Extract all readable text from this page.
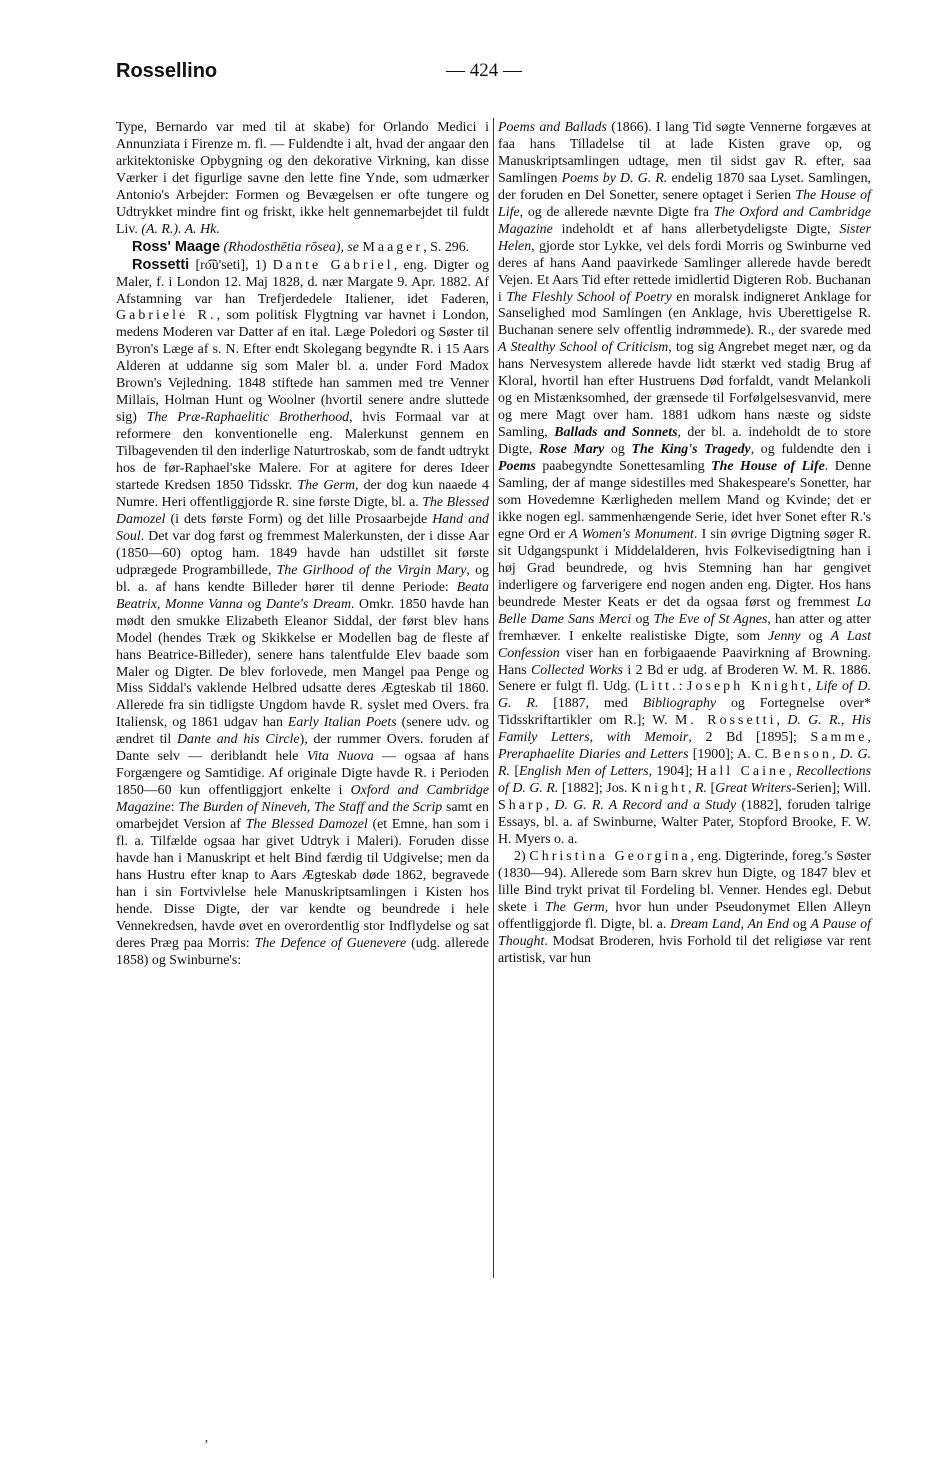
Rossellino	— 424 —

Type, Bernardo var med til at skabe) for Orlando Medici i Annunziata i Firenze m. fl. — Fuldendte i alt, hvad der angaar den arkitektoniske Opbygning og den dekorative Virkning, kan disse Værker i det figurlige savne den lette fine Ynde, som udmærker Antonio's Arbejder: Formen og Bevægelsen er ofte tungere og Udtrykket mindre fint og friskt, ikke helt gennemarbejdet til fuldt Liv. (A. R.). A. Hk.

Ross' Maage (Rhodosthētia rōsea), se Maager, S. 296.

Rossetti [ro͡u'seti], 1) Dante Gabriel, eng. Digter og Maler, f. i London 12. Maj 1828, d. nær Margate 9. Apr. 1882. Af Afstamning var han Trefjerdedele Italiener, idet Faderen, Gabriele R., som politisk Flygtning var havnet i London, medens Moderen var Datter af en ital. Læge Poledori og Søster til Byron's Læge af s. N. Efter endt Skolegang begyndte R. i 15 Aars Alderen at uddanne sig som Maler bl. a. under Ford Madox Brown's Vejledning. 1848 stiftede han sammen med tre Venner Millais, Holman Hunt og Woolner (hvortil senere andre sluttede sig) The Præ-Raphaelitic Brotherhood, hvis Formaal var at reformere den konventionelle eng. Malerkunst gennem en Tilbagevenden til den inderlige Naturtroskab, som de fandt udtrykt hos de før-Raphael'ske Malere. For at agitere for deres Ideer startede Kredsen 1850 Tidsskr. The Germ, der dog kun naaede 4 Numre. Heri offentliggjorde R. sine første Digte, bl. a. The Blessed Damozel (i dets første Form) og det lille Prosaarbejde Hand and Soul. Det var dog først og fremmest Malerkunsten, der i disse Aar (1850—60) optog ham. 1849 havde han udstillet sit første udprægede Programbillede, The Girlhood of the Virgin Mary, og bl. a. af hans kendte Billeder hører til denne Periode: Beata Beatrix, Monne Vanna og Dante's Dream. Omkr. 1850 havde han mødt den smukke Elizabeth Eleanor Siddal, der først blev hans Model (hendes Træk og Skikkelse er Modellen bag de fleste af hans Beatrice-Billeder), senere hans talentfulde Elev baade som Maler og Digter. De blev forlovede, men Mangel paa Penge og Miss Siddal's vaklende Helbred udsatte deres Ægteskab til 1860. Allerede fra sin tidligste Ungdom havde R. syslet med Overs. fra Italiensk, og 1861 udgav han Early Italian Poets (senere udv. og ændret til Dante and his Circle), der rummer Overs. foruden af Dante selv — deriblandt hele Vita Nuova — ogsaa af hans Forgængere og Samtidige. Af originale Digte havde R. i Perioden 1850—60 kun offentliggjort enkelte i Oxford and Cambridge Magazine: The Burden of Nineveh, The Staff and the Scrip samt en omarbejdet Version af The Blessed Damozel (et Emne, han som i fl. a. Tilfælde ogsaa har givet Udtryk i Maleri). Foruden disse havde han i Manuskript et helt Bind færdig til Udgivelse; men da hans Hustru efter knap to Aars Ægteskab døde 1862, begravede han i sin Fortvivlelse hele Manuskriptsamlingen i Kisten hos hende. Disse Digte, der var kendte og beundrede i hele Vennekredsen, havde øvet en overordentlig stor Indflydelse og sat deres Præg paa Morris: The Defence of Guenevere (udg. allerede 1858) og Swinburne's:

Poems and Ballads (1866). I lang Tid søgte Vennerne forgæves at faa hans Tilladelse til at lade Kisten grave op, og Manuskriptsamlingen udtage, men til sidst gav R. efter, saa Samlingen Poems by D. G. R. endelig 1870 saa Lyset. Samlingen, der foruden en Del Sonetter, senere optaget i Serien The House of Life, og de allerede nævnte Digte fra The Oxford and Cambridge Magazine indeholdt et af hans allerbetydeligste Digte, Sister Helen, gjorde stor Lykke, vel dels fordi Morris og Swinburne ved deres af hans Aand paavirkede Samlinger allerede havde beredt Vejen. Et Aars Tid efter rettede imidlertid Digteren Rob. Buchanan i The Fleshly School of Poetry en moralsk indigneret Anklage for Sanselighed mod Samlingen (en Anklage, hvis Uberettigelse R. Buchanan senere selv offentlig indrømmede). R., der svarede med A Stealthy School of Criticism, tog sig Angrebet meget nær, og da hans Nervesystem allerede havde lidt stærkt ved stadig Brug af Kloral, hvortil han efter Hustruens Død forfaldt, vandt Melankoli og en Mistænksomhed, der grænsede til Forfølgelsesvanvid, mere og mere Magt over ham. 1881 udkom hans næste og sidste Samling, Ballads and Sonnets, der bl. a. indeholdt de to store Digte, Rose Mary og The King's Tragedy, og fuldendte den i Poems paabegyndte Sonettesamling The House of Life. Denne Samling, der af mange sidestilles med Shakespeare's Sonetter, har som Hovedemne Kærligheden mellem Mand og Kvinde; det er ikke nogen egl. sammenhængende Serie, idet hver Sonet efter R.'s egne Ord er A Women's Monument. I sin øvrige Digtning søger R. sit Udgangspunkt i Middelalderen, hvis Folkevisedigtning han i høj Grad beundrede, og hvis Stemning han har gengivet inderligere og farverigere end nogen anden eng. Digter. Hos hans beundrede Mester Keats er det da ogsaa først og fremmest La Belle Dame Sans Merci og The Eve of St Agnes, han atter og atter fremhæver. I enkelte realistiske Digte, som Jenny og A Last Confession viser han en forbigaaende Paavirkning af Browning. Hans Collected Works i 2 Bd er udg. af Broderen W. M. R. 1886. Senere er fulgt fl. Udg. (Litt.: Joseph Knight, Life of D. G. R. [1887, med Bibliography og Fortegnelse over* Tidsskriftartikler om R.]; W. M. Rossetti, D. G. R., His Family Letters, with Memoir, 2 Bd [1895]; Samme, Preraphaelite Diaries and Letters [1900]; A. C. Benson, D. G. R. [English Men of Letters, 1904]; Hall Caine, Recollections of D. G. R. [1882]; Jos. Knight, R. [Great Writers-Serien]; Will. Sharp, D. G. R. A Record and a Study (1882], foruden talrige Essays, bl. a. af Swinburne, Walter Pater, Stopford Brooke, F. W. H. Myers o. a.

2) Christina Georgina, eng. Digterinde, foreg.'s Søster (1830—94). Allerede som Barn skrev hun Digte, og 1847 blev et lille Bind trykt privat til Fordeling bl. Venner. Hendes egl. Debut skete i The Germ, hvor hun under Pseudonymet Ellen Alleyn offentliggjorde fl. Digte, bl. a. Dream Land, An End og A Pause of Thought. Modsat Broderen, hvis Forhold til det religiøse var rent artistisk, var hun

’
